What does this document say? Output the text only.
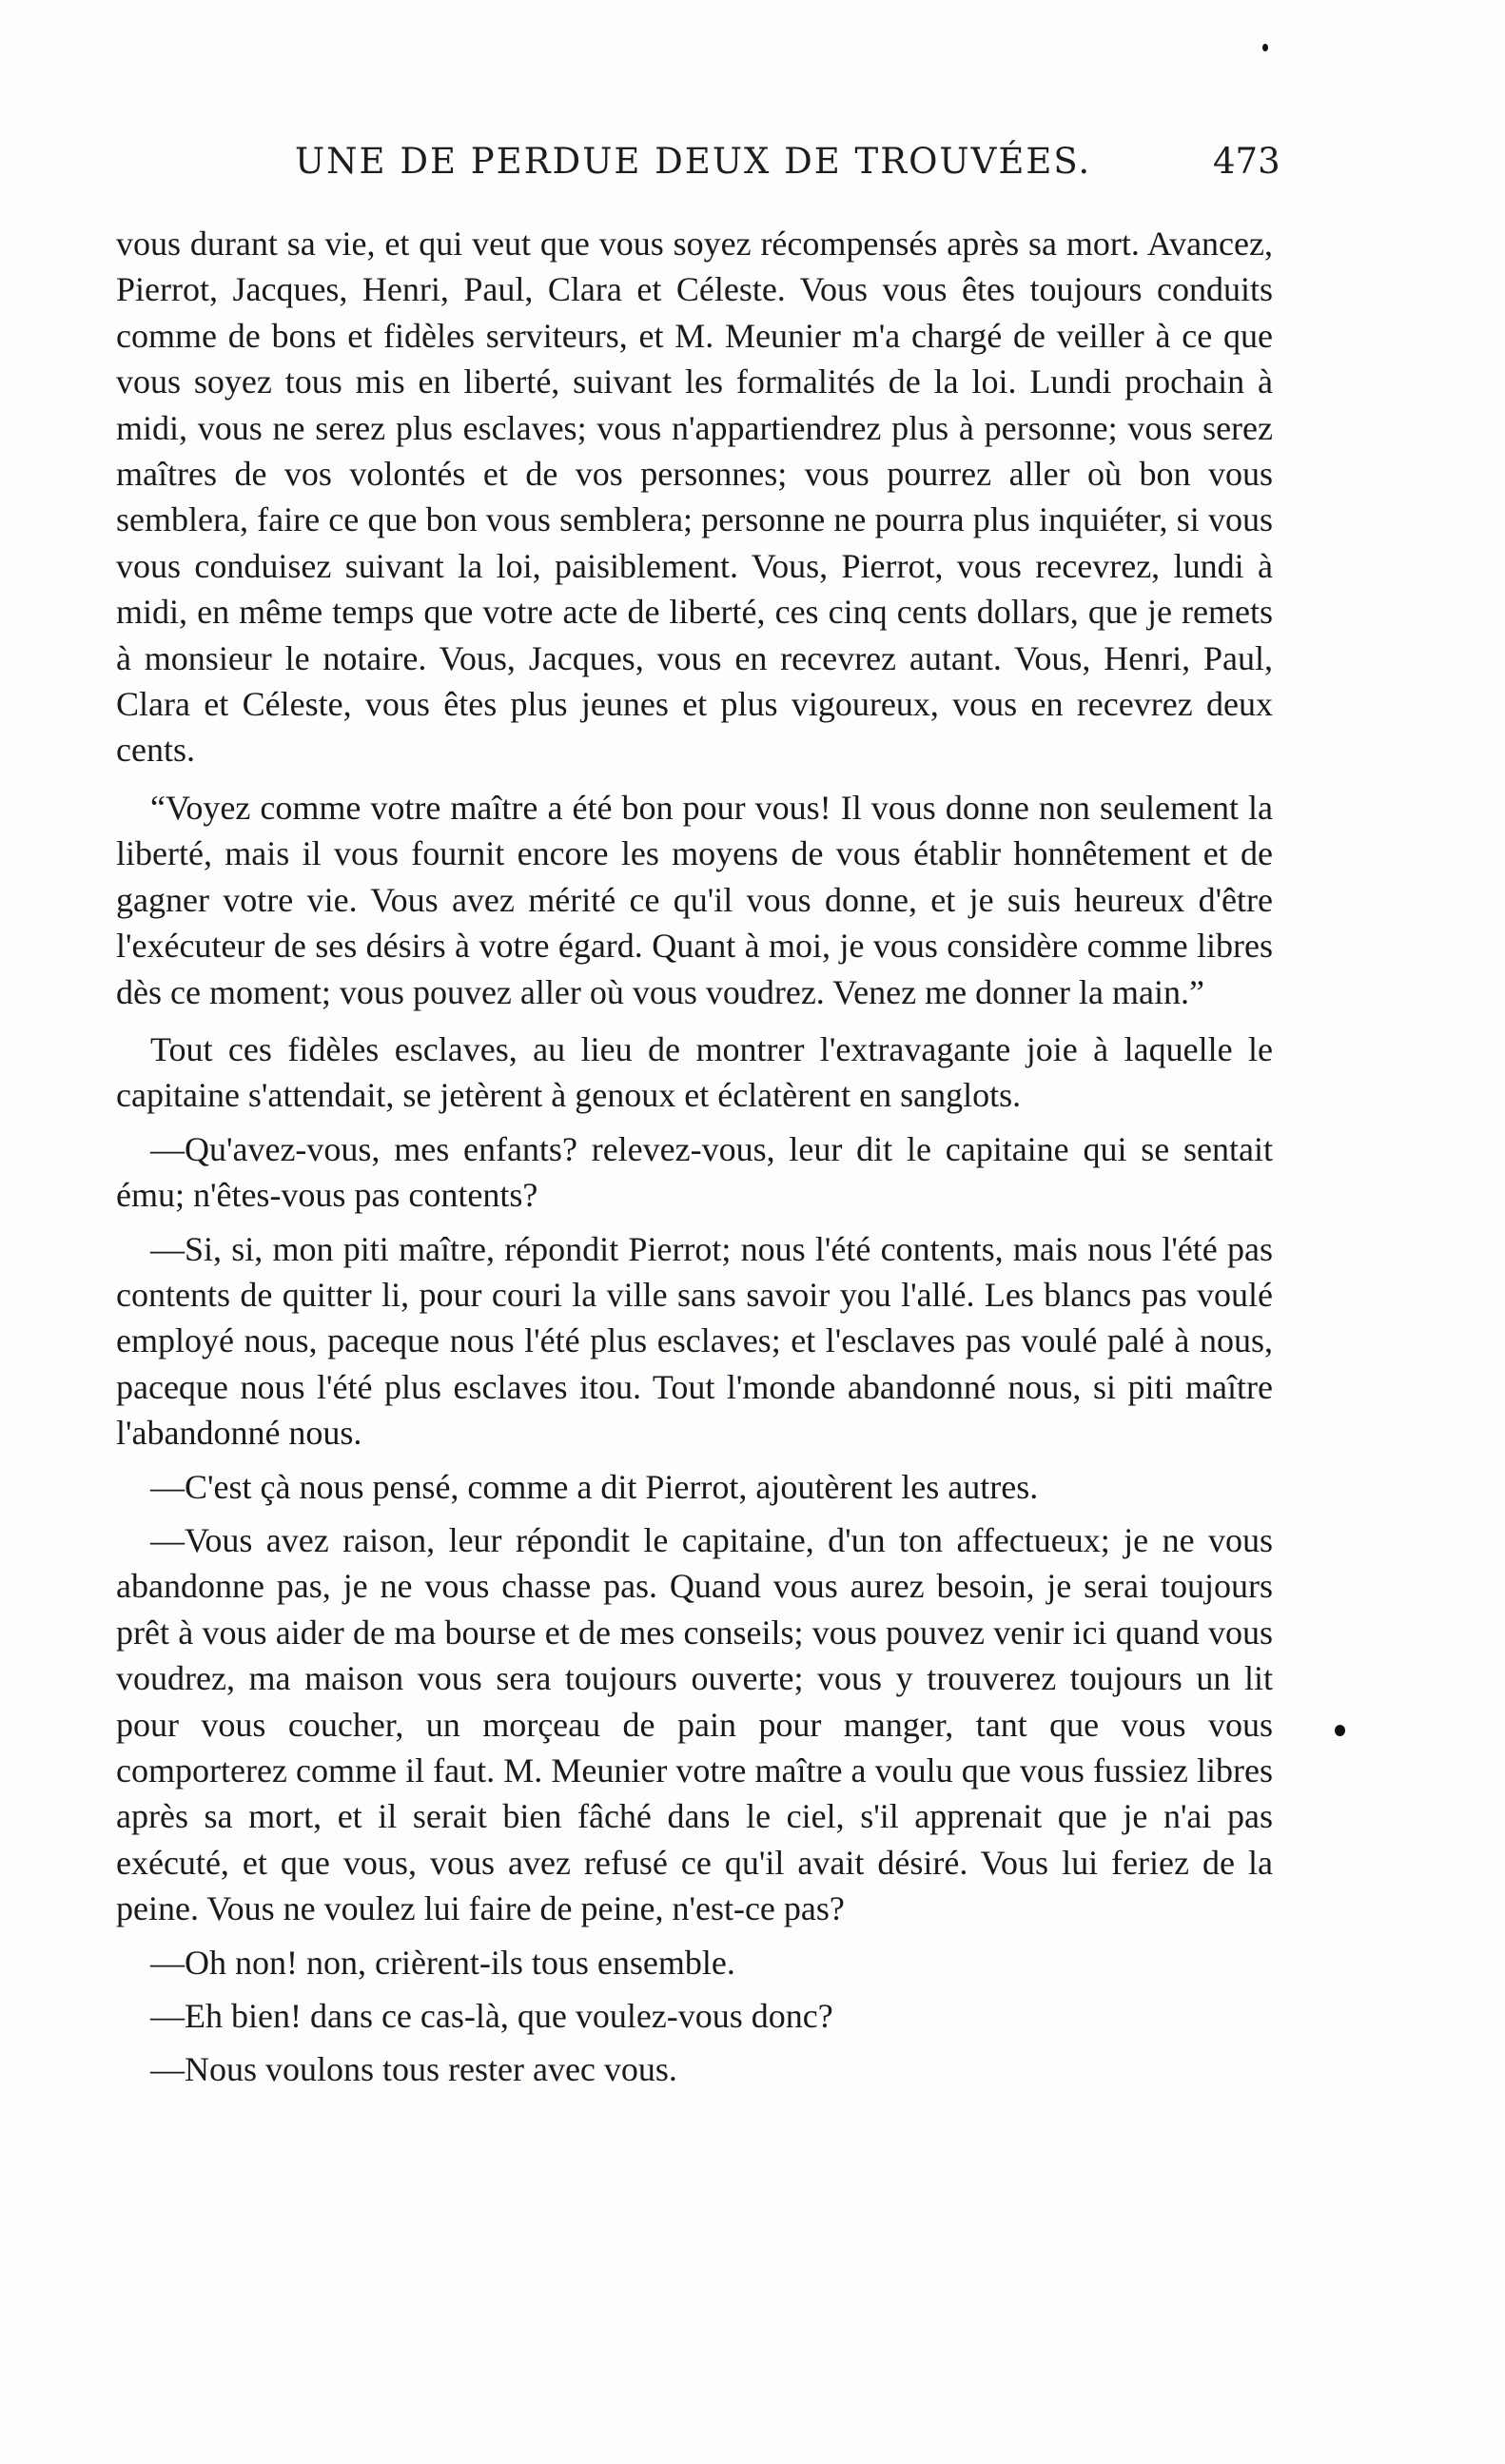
UNE DE PERDUE DEUX DE TROUVÉES.	473

vous durant sa vie, et qui veut que vous soyez récompensés après sa mort. Avancez, Pierrot, Jacques, Henri, Paul, Clara et Céleste. Vous vous êtes toujours conduits comme de bons et fidèles serviteurs, et M. Meunier m'a chargé de veiller à ce que vous soyez tous mis en liberté, suivant les formalités de la loi. Lundi prochain à midi, vous ne serez plus esclaves; vous n'appartiendrez plus à personne; vous serez maîtres de vos volontés et de vos personnes; vous pourrez aller où bon vous semblera, faire ce que bon vous semblera; personne ne pourra plus inquiéter, si vous vous conduisez suivant la loi, paisiblement. Vous, Pierrot, vous recevrez, lundi à midi, en même temps que votre acte de liberté, ces cinq cents dollars, que je remets à monsieur le notaire. Vous, Jacques, vous en recevrez autant. Vous, Henri, Paul, Clara et Céleste, vous êtes plus jeunes et plus vigoureux, vous en recevrez deux cents.

“Voyez comme votre maître a été bon pour vous! Il vous donne non seulement la liberté, mais il vous fournit encore les moyens de vous établir honnêtement et de gagner votre vie. Vous avez mérité ce qu'il vous donne, et je suis heureux d'être l'exécuteur de ses désirs à votre égard. Quant à moi, je vous considère comme libres dès ce moment; vous pouvez aller où vous voudrez. Venez me donner la main.”

Tout ces fidèles esclaves, au lieu de montrer l'extravagante joie à laquelle le capitaine s'attendait, se jetèrent à genoux et éclatèrent en sanglots.

—Qu'avez-vous, mes enfants? relevez-vous, leur dit le capitaine qui se sentait ému; n'êtes-vous pas contents?

—Si, si, mon piti maître, répondit Pierrot; nous l'été contents, mais nous l'été pas contents de quitter li, pour couri la ville sans savoir you l'allé. Les blancs pas voulé employé nous, paceque nous l'été plus esclaves; et l'esclaves pas voulé palé à nous, paceque nous l'été plus esclaves itou. Tout l'monde abandonné nous, si piti maître l'abandonné nous.

—C'est çà nous pensé, comme a dit Pierrot, ajoutèrent les autres.

—Vous avez raison, leur répondit le capitaine, d'un ton affectueux; je ne vous abandonne pas, je ne vous chasse pas. Quand vous aurez besoin, je serai toujours prêt à vous aider de ma bourse et de mes conseils; vous pouvez venir ici quand vous voudrez, ma maison vous sera toujours ouverte; vous y trouverez toujours un lit pour vous coucher, un morçeau de pain pour manger, tant que vous vous comporterez comme il faut. M. Meunier votre maître a voulu que vous fussiez libres après sa mort, et il serait bien fâché dans le ciel, s'il apprenait que je n'ai pas exécuté, et que vous, vous avez refusé ce qu'il avait désiré. Vous lui feriez de la peine. Vous ne voulez lui faire de peine, n'est-ce pas?

—Oh non! non, crièrent-ils tous ensemble.

—Eh bien! dans ce cas-là, que voulez-vous donc?

—Nous voulons tous rester avec vous.
